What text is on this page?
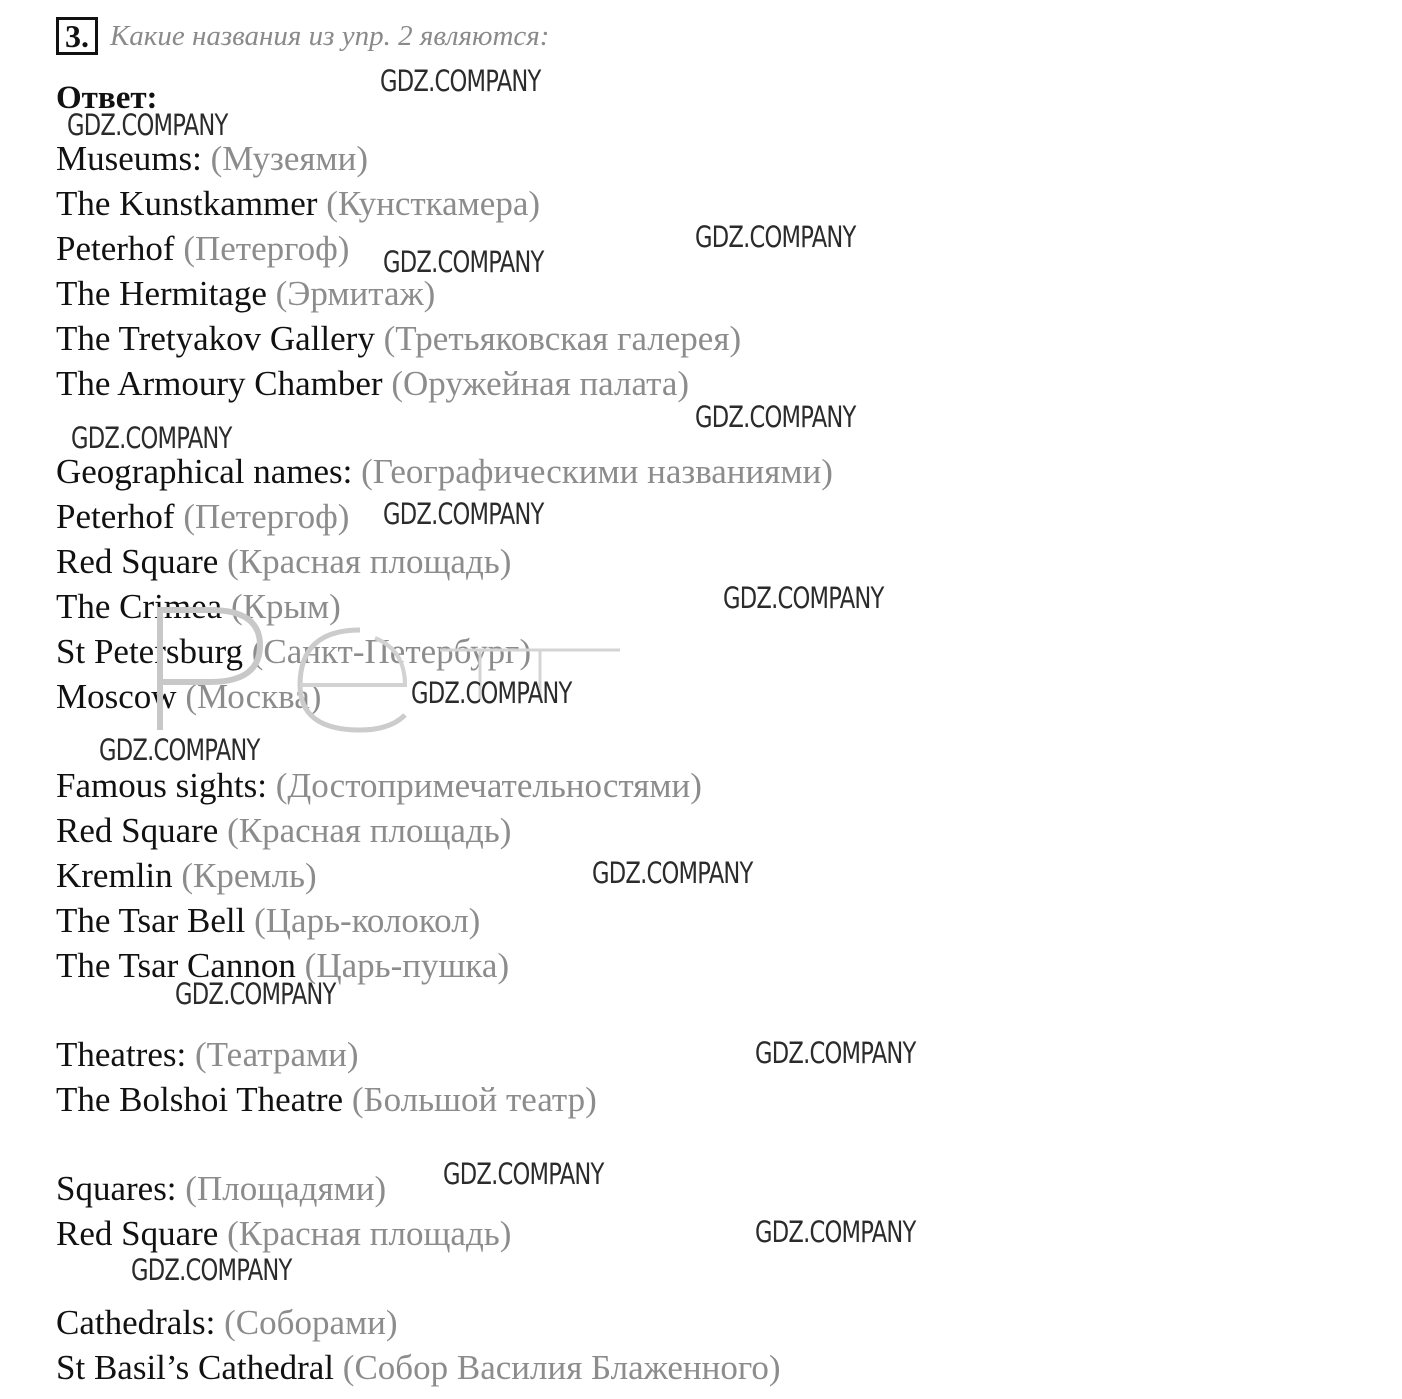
3. Какие названия из упр. 2 являются:
Ответ:
Museums: (Музеями)
The Kunstkammer (Кунсткамера)
Peterhof (Петергоф)
The Hermitage (Эрмитаж)
The Tretyakov Gallery (Третьяковская галерея)
The Armoury Chamber (Оружейная палата)
Geographical names: (Географическими названиями)
Peterhof (Петергоф)
Red Square (Красная площадь)
The Crimea (Крым)
St Petersburg (Санкт-Петербург)
Moscow (Москва)
Famous sights: (Достопримечательностями)
Red Square (Красная площадь)
Kremlin (Кремль)
The Tsar Bell (Царь-колокол)
The Tsar Cannon (Царь-пушка)
Theatres: (Театрами)
The Bolshoi Theatre (Большой театр)
Squares: (Площадями)
Red Square (Красная площадь)
Cathedrals: (Соборами)
St Basil’s Cathedral (Собор Василия Блаженного)
GDZ.COMPANY
GDZ.COMPANY
GDZ.COMPANY
GDZ.COMPANY
GDZ.COMPANY
GDZ.COMPANY
GDZ.COMPANY
GDZ.COMPANY
GDZ.COMPANY
GDZ.COMPANY
GDZ.COMPANY
GDZ.COMPANY
GDZ.COMPANY
GDZ.COMPANY
GDZ.COMPANY
GDZ.COMPANY
